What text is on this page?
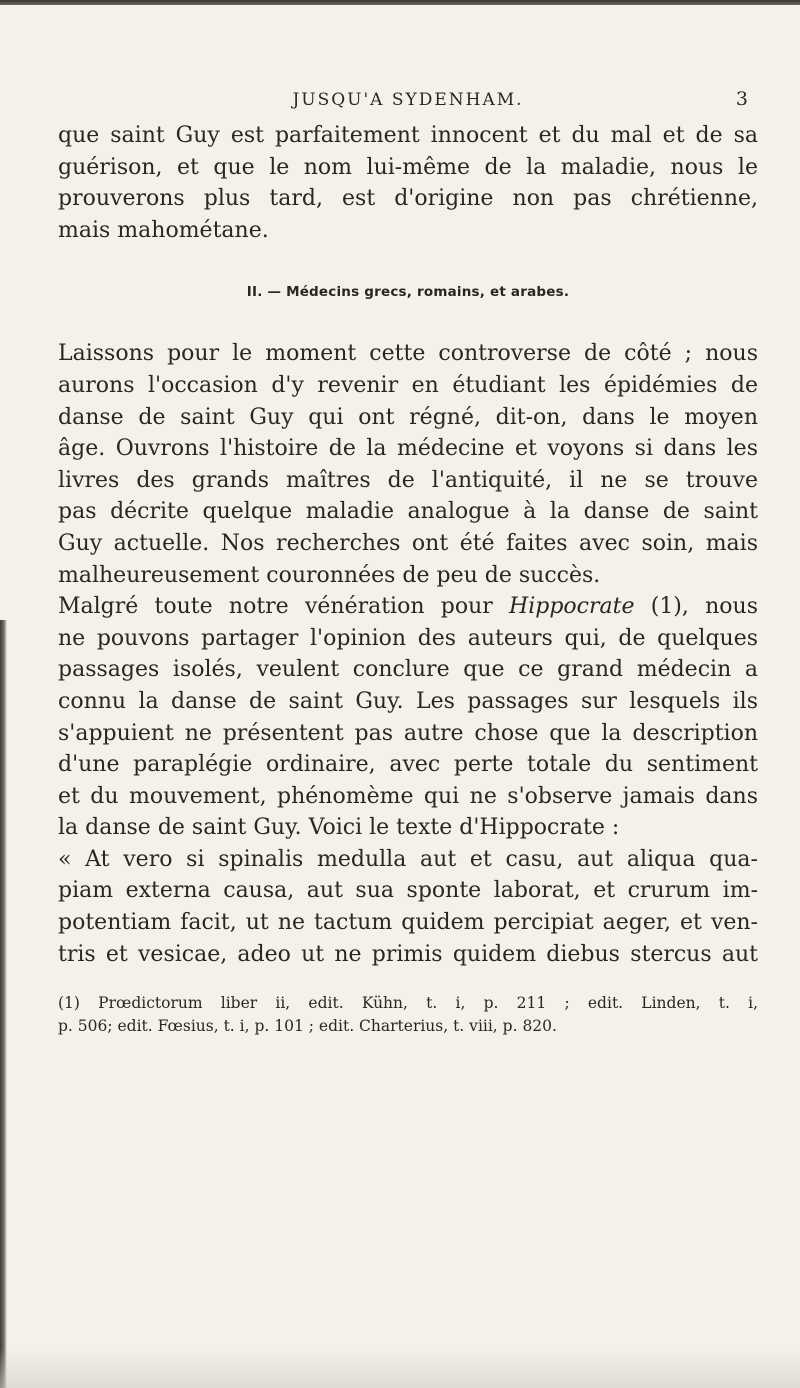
JUSQU'A SYDENHAM.	3

que saint Guy est parfaitement innocent et du mal et de sa

guérison, et que le nom lui-même de la maladie, nous le

prouverons plus tard, est d'origine non pas chrétienne,

mais mahométane.

II. — Médecins grecs, romains, et arabes.

Laissons pour le moment cette controverse de côté ; nous

aurons l'occasion d'y revenir en étudiant les épidémies de

danse de saint Guy qui ont régné, dit-on, dans le moyen

âge. Ouvrons l'histoire de la médecine et voyons si dans les

livres des grands maîtres de l'antiquité, il ne se trouve

pas décrite quelque maladie analogue à la danse de saint

Guy actuelle. Nos recherches ont été faites avec soin, mais

malheureusement couronnées de peu de succès.

Malgré toute notre vénération pour Hippocrate (1), nous

ne pouvons partager l'opinion des auteurs qui, de quelques

passages isolés, veulent conclure que ce grand médecin a

connu la danse de saint Guy. Les passages sur lesquels ils

s'appuient ne présentent pas autre chose que la description

d'une paraplégie ordinaire, avec perte totale du sentiment

et du mouvement, phénomème qui ne s'observe jamais dans

la danse de saint Guy. Voici le texte d'Hippocrate :

« At vero si spinalis medulla aut et casu, aut aliqua qua-

piam externa causa, aut sua sponte laborat, et crurum im-

potentiam facit, ut ne tactum quidem percipiat aeger, et ven-

tris et vesicae, adeo ut ne primis quidem diebus stercus aut

(1) Prœdictorum liber ii, edit. Kühn, t. i, p. 211 ; edit. Linden, t. i,

p. 506; edit. Fœsius, t. i, p. 101 ; edit. Charterius, t. viii, p. 820.
